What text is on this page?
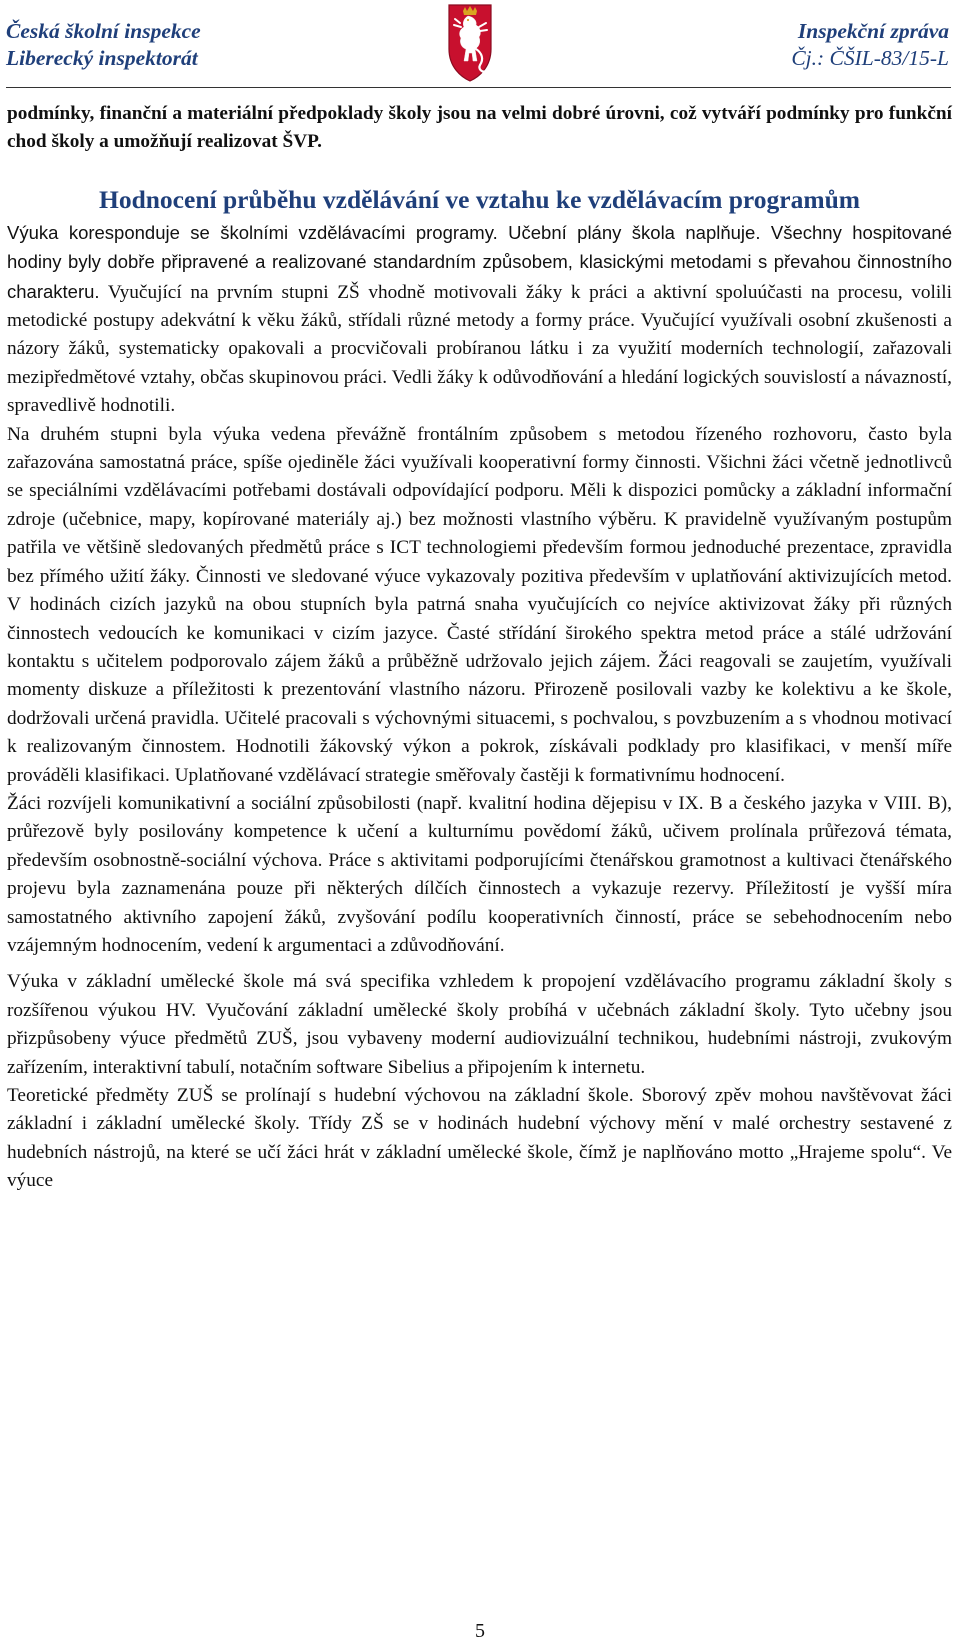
Česká školní inspekce
Liberecký inspektorát
Inspekční zpráva
Čj.: ČŠIL-83/15-L

podmínky, finanční a materiální předpoklady školy jsou na velmi dobré úrovni, což vytváří podmínky pro funkční chod školy a umožňují realizovat ŠVP.

Hodnocení průběhu vzdělávání ve vztahu ke vzdělávacím programům

Výuka koresponduje se školními vzdělávacími programy. Učební plány škola naplňuje. Všechny hospitované hodiny byly dobře připravené a realizované standardním způsobem, klasickými metodami s převahou činnostního charakteru. Vyučující na prvním stupni ZŠ vhodně motivovali žáky k práci a aktivní spoluúčasti na procesu, volili metodické postupy adekvátní k věku žáků, střídali různé metody a formy práce. Vyučující využívali osobní zkušenosti a názory žáků, systematicky opakovali a procvičovali probíranou látku i za využití moderních technologií, zařazovali mezipředmětové vztahy, občas skupinovou práci. Vedli žáky k odůvodňování a hledání logických souvislostí a návazností, spravedlivě hodnotili.

Na druhém stupni byla výuka vedena převážně frontálním způsobem s metodou řízeného rozhovoru, často byla zařazována samostatná práce, spíše ojediněle žáci využívali kooperativní formy činnosti. Všichni žáci včetně jednotlivců se speciálními vzdělávacími potřebami dostávali odpovídající podporu. Měli k dispozici pomůcky a základní informační zdroje (učebnice, mapy, kopírované materiály aj.) bez možnosti vlastního výběru. K pravidelně využívaným postupům patřila ve většině sledovaných předmětů práce s ICT technologiemi především formou jednoduché prezentace, zpravidla bez přímého užití žáky. Činnosti ve sledované výuce vykazovaly pozitiva především v uplatňování aktivizujících metod. V hodinách cizích jazyků na obou stupních byla patrná snaha vyučujících co nejvíce aktivizovat žáky při různých činnostech vedoucích ke komunikaci v cizím jazyce. Časté střídání širokého spektra metod práce a stálé udržování kontaktu s učitelem podporovalo zájem žáků a průběžně udržovalo jejich zájem. Žáci reagovali se zaujetím, využívali momenty diskuze a příležitosti k prezentování vlastního názoru. Přirozeně posilovali vazby ke kolektivu a ke škole, dodržovali určená pravidla. Učitelé pracovali s výchovnými situacemi, s pochvalou, s povzbuzením a s vhodnou motivací k realizovaným činnostem. Hodnotili žákovský výkon a pokrok, získávali podklady pro klasifikaci, v menší míře prováděli klasifikaci. Uplatňované vzdělávací strategie směřovaly častěji k formativnímu hodnocení.

Žáci rozvíjeli komunikativní a sociální způsobilosti (např. kvalitní hodina dějepisu v IX. B a českého jazyka v VIII. B), průřezově byly posilovány kompetence k učení a kulturnímu povědomí žáků, učivem prolínala průřezová témata, především osobnostně-sociální výchova. Práce s aktivitami podporujícími čtenářskou gramotnost a kultivaci čtenářského projevu byla zaznamenána pouze při některých dílčích činnostech a vykazuje rezervy. Příležitostí je vyšší míra samostatného aktivního zapojení žáků, zvyšování podílu kooperativních činností, práce se sebehodnocením nebo vzájemným hodnocením, vedení k argumentaci a zdůvodňování.

Výuka v základní umělecké škole má svá specifika vzhledem k propojení vzdělávacího programu základní školy s rozšířenou výukou HV. Vyučování základní umělecké školy probíhá v učebnách základní školy. Tyto učebny jsou přizpůsobeny výuce předmětů ZUŠ, jsou vybaveny moderní audiovizuální technikou, hudebními nástroji, zvukovým zařízením, interaktivní tabulí, notačním software Sibelius a připojením k internetu.

Teoretické předměty ZUŠ se prolínají s hudební výchovou na základní škole. Sborový zpěv mohou navštěvovat žáci základní i základní umělecké školy. Třídy ZŠ se v hodinách hudební výchovy mění v malé orchestry sestavené z hudebních nástrojů, na které se učí žáci hrát v základní umělecké škole, čímž je naplňováno motto „Hrajeme spolu“. Ve výuce

5
